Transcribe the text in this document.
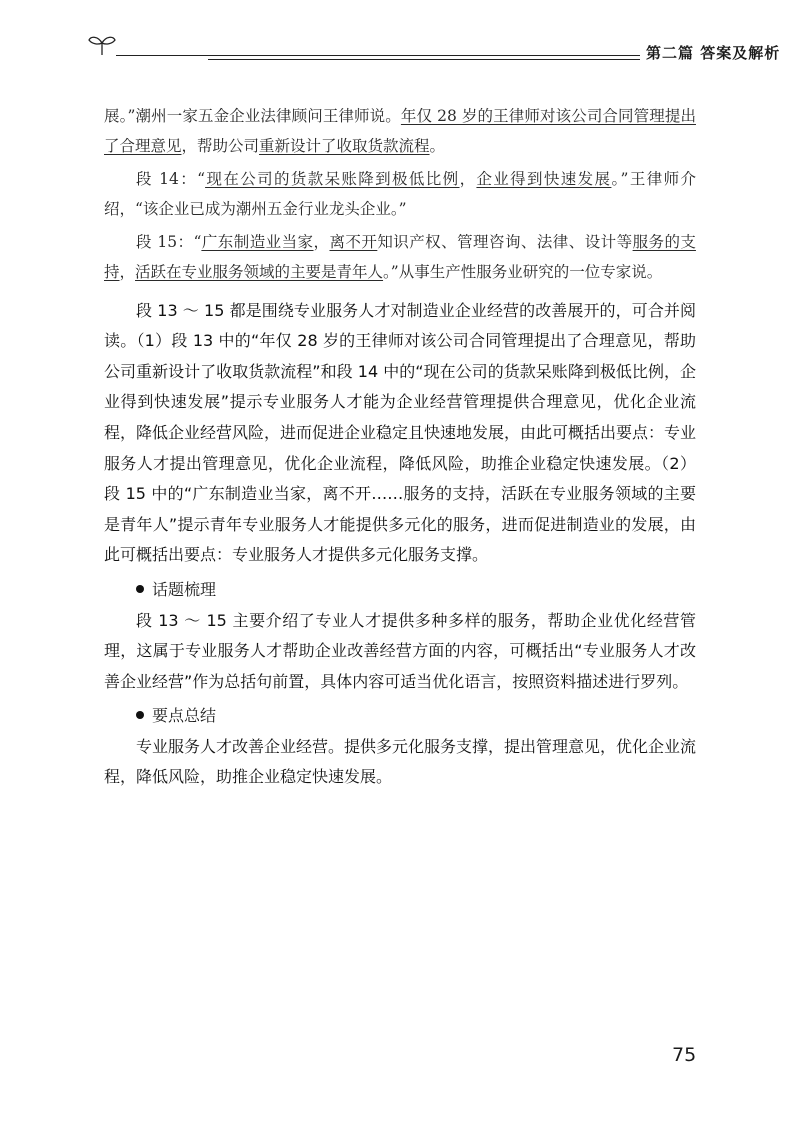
第二篇 答案及解析

展。”潮州一家五金企业法律顾问王律师说。年仅 28 岁的王律师对该公司合同管理提出了合理意见，帮助公司重新设计了收取货款流程。

段 14：“现在公司的货款呆账降到极低比例，企业得到快速发展。”王律师介绍，“该企业已成为潮州五金行业龙头企业。”

段 15：“广东制造业当家，离不开知识产权、管理咨询、法律、设计等服务的支持，活跃在专业服务领域的主要是青年人。”从事生产性服务业研究的一位专家说。

段 13 ～ 15 都是围绕专业服务人才对制造业企业经营的改善展开的，可合并阅读。（1）段 13 中的“年仅 28 岁的王律师对该公司合同管理提出了合理意见，帮助公司重新设计了收取货款流程”和段 14 中的“现在公司的货款呆账降到极低比例，企业得到快速发展”提示专业服务人才能为企业经营管理提供合理意见，优化企业流程，降低企业经营风险，进而促进企业稳定且快速地发展，由此可概括出要点：专业服务人才提出管理意见，优化企业流程，降低风险，助推企业稳定快速发展。（2）段 15 中的“广东制造业当家，离不开……服务的支持，活跃在专业服务领域的主要是青年人”提示青年专业服务人才能提供多元化的服务，进而促进制造业的发展，由此可概括出要点：专业服务人才提供多元化服务支撑。

话题梳理

段 13 ～ 15 主要介绍了专业人才提供多种多样的服务，帮助企业优化经营管理，这属于专业服务人才帮助企业改善经营方面的内容，可概括出“专业服务人才改善企业经营”作为总括句前置，具体内容可适当优化语言，按照资料描述进行罗列。

要点总结

专业服务人才改善企业经营。提供多元化服务支撑，提出管理意见，优化企业流程，降低风险，助推企业稳定快速发展。

75
